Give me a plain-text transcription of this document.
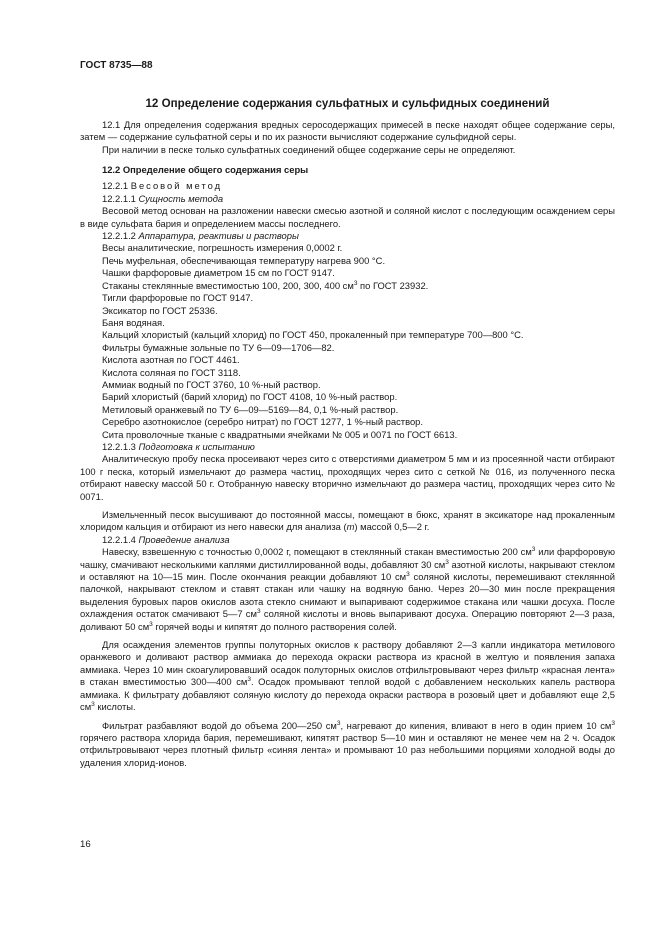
ГОСТ 8735—88

12 Определение содержания сульфатных и сульфидных соединений

12.1 Для определения содержания вредных серосодержащих примесей в песке находят общее содержание серы, затем — содержание сульфатной серы и по их разности вычисляют содержание сульфидной серы.

При наличии в песке только сульфатных соединений общее содержание серы не определяют.

12.2 Определение общего содержания серы

12.2.1 Весовой метод

12.2.1.1 Сущность метода

Весовой метод основан на разложении навески смесью азотной и соляной кислот с последующим осаждением серы в виде сульфата бария и определением массы последнего.

12.2.1.2 Аппаратура, реактивы и растворы

Весы аналитические, погрешность измерения 0,0002 г.

Печь муфельная, обеспечивающая температуру нагрева 900 °С.

Чашки фарфоровые диаметром 15 см по ГОСТ 9147.

Стаканы стеклянные вместимостью 100, 200, 300, 400 $см^3$ по ГОСТ 23932.

Тигли фарфоровые по ГОСТ 9147.

Эксикатор по ГОСТ 25336.

Баня водяная.

Кальций хлористый (кальций хлорид) по ГОСТ 450, прокаленный при температуре 700—800 °С.

Фильтры бумажные зольные по ТУ 6—09—1706—82.

Кислота азотная по ГОСТ 4461.

Кислота соляная по ГОСТ 3118.

Аммиак водный по ГОСТ 3760, 10 %-ный раствор.

Барий хлористый (барий хлорид) по ГОСТ 4108, 10 %-ный раствор.

Метиловый оранжевый по ТУ 6—09—5169—84, 0,1 %-ный раствор.

Серебро азотнокислое (серебро нитрат) по ГОСТ 1277, 1 %-ный раствор.

Сита проволочные тканые с квадратными ячейками № 005 и 0071 по ГОСТ 6613.

12.2.1.3 Подготовка к испытанию

Аналитическую пробу песка просеивают через сито с отверстиями диаметром 5 мм и из просеянной части отбирают 100 г песка, который измельчают до размера частиц, проходящих через сито с сеткой № 016, из полученного песка отбирают навеску массой 50 г. Отобранную навеску вторично измельчают до размера частиц, проходящих через сито № 0071.

Измельченный песок высушивают до постоянной массы, помещают в бюкс, хранят в эксикаторе над прокаленным хлоридом кальция и отбирают из него навески для анализа (m) массой 0,5—2 г.

12.2.1.4 Проведение анализа

Навеску, взвешенную с точностью 0,0002 г, помещают в стеклянный стакан вместимостью 200 $см^3$ или фарфоровую чашку, смачивают несколькими каплями дистиллированной воды, добавляют 30 $см^3$ азотной кислоты, накрывают стеклом и оставляют на 10—15 мин. После окончания реакции добавляют 10 $см^3$ соляной кислоты, перемешивают стеклянной палочкой, накрывают стеклом и ставят стакан или чашку на водяную баню. Через 20—30 мин после прекращения выделения буровых паров окислов азота стекло снимают и выпаривают содержимое стакана или чашки досуха. После охлаждения остаток смачивают 5—7 $см^3$ соляной кислоты и вновь выпаривают досуха. Операцию повторяют 2—3 раза, доливают 50 $см^3$ горячей воды и кипятят до полного растворения солей.

Для осаждения элементов группы полуторных окислов к раствору добавляют 2—3 капли индикатора метилового оранжевого и доливают раствор аммиака до перехода окраски раствора из красной в желтую и появления запаха аммиака. Через 10 мин скоагулировавший осадок полуторных окислов отфильтровывают через фильтр «красная лента» в стакан вместимостью 300—400 $см^3$. Осадок промывают теплой водой с добавлением нескольких капель раствора аммиака. К фильтрату добавляют соляную кислоту до перехода окраски раствора в розовый цвет и добавляют еще 2,5 $см^3$ кислоты.

Фильтрат разбавляют водой до объема 200—250 $см^3$, нагревают до кипения, вливают в него в один прием 10 $см^3$ горячего раствора хлорида бария, перемешивают, кипятят раствор 5—10 мин и оставляют не менее чем на 2 ч. Осадок отфильтровывают через плотный фильтр «синяя лента» и промывают 10 раз небольшими порциями холодной воды до удаления хлорид-ионов.

16
